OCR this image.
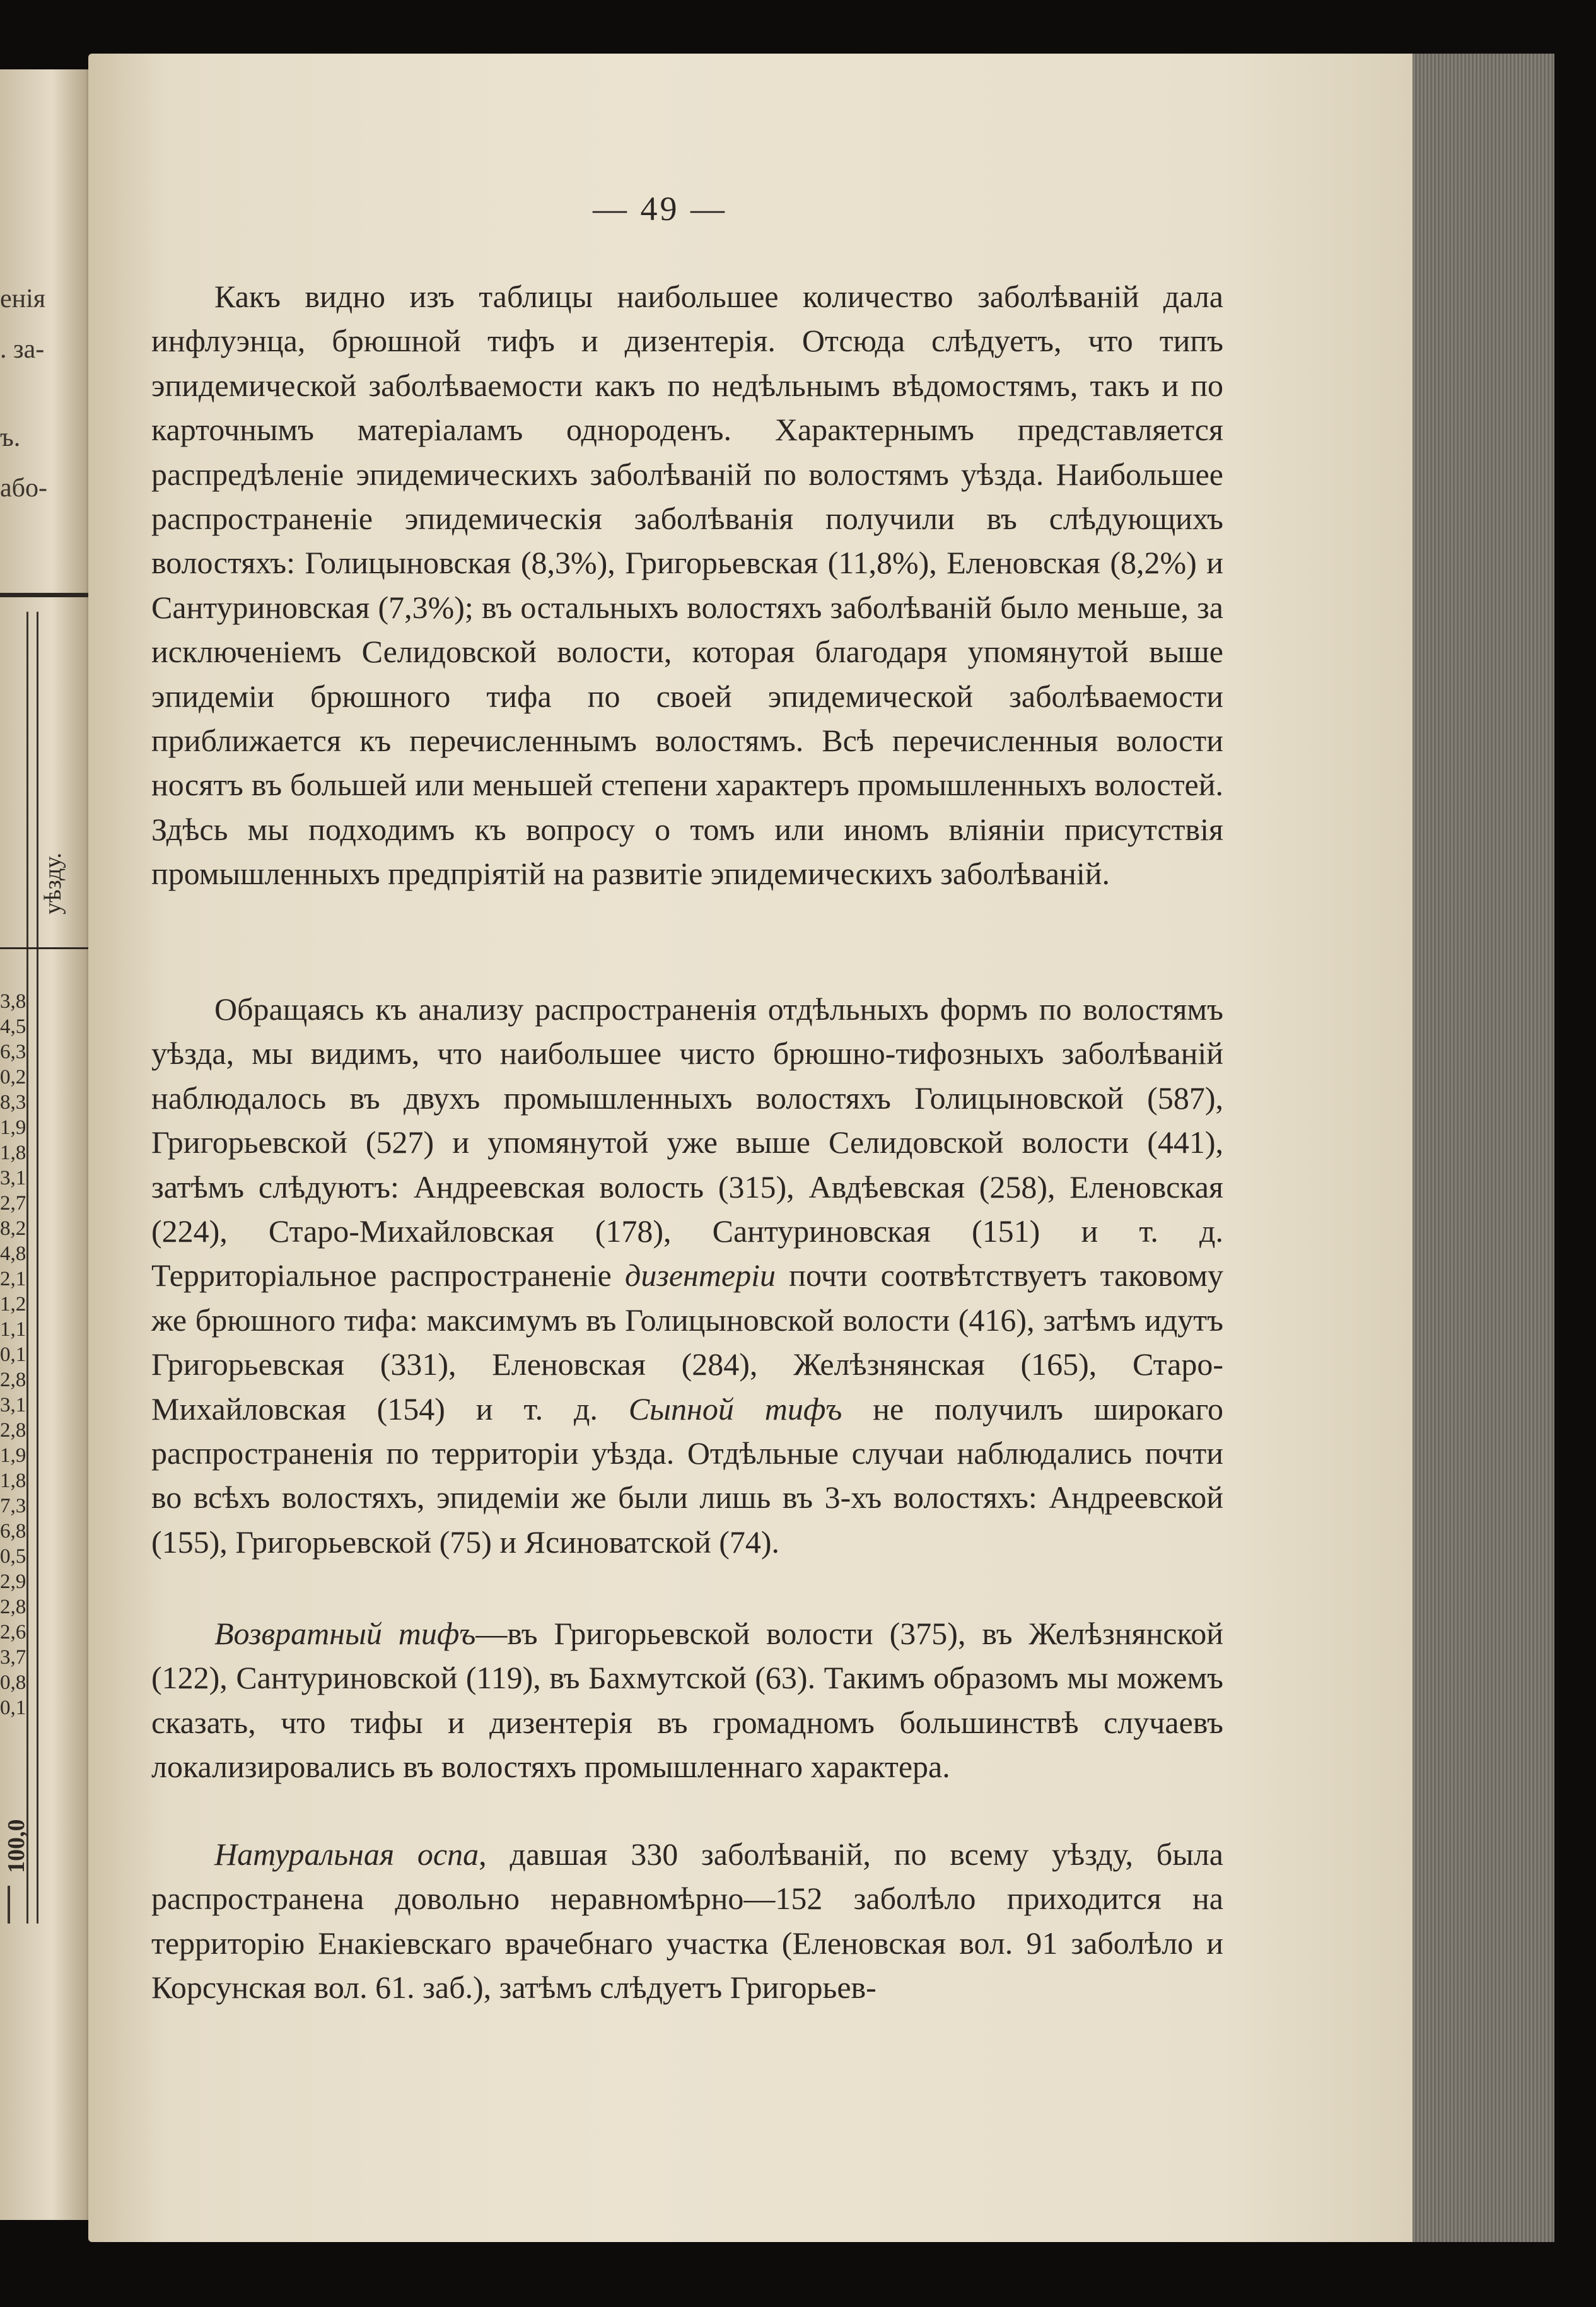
енія
. за-
ъ.
або-
уѣзду.
3,8
4,5
6,3
0,2
8,3
1,9
1,8
3,1
2,7
8,2
4,8
2,1
1,2
1,1
0,1
2,8
3,1
2,8
1,9
1,8
7,3
6,8
0,5
2,9
2,8
2,6
3,7
0,8
0,1
100,0
— 49 —
Какъ видно изъ таблицы наибольшее количество заболѣваній дала инфлуэнца, брюшной тифъ и дизентерія. Отсюда слѣдуетъ, что типъ эпидемической заболѣваемости какъ по недѣльнымъ вѣдомостямъ, такъ и по карточнымъ матеріаламъ однороденъ. Характернымъ представляется распредѣленіе эпидемическихъ заболѣваній по волостямъ уѣзда. Наибольшее распространеніе эпидемическія заболѣванія получили въ слѣдующихъ волостяхъ: Голицыновская (8,3%), Григорьевская (11,8%), Еленовская (8,2%) и Сантуриновская (7,3%); въ остальныхъ волостяхъ заболѣваній было меньше, за исключеніемъ Селидовской волости, которая благодаря упомянутой выше эпидеміи брюшного тифа по своей эпидемической заболѣваемости приближается къ перечисленнымъ волостямъ. Всѣ перечисленныя волости носятъ въ большей или меньшей степени характеръ промышленныхъ волостей. Здѣсь мы подходимъ къ вопросу о томъ или иномъ вліяніи присутствія промышленныхъ предпріятій на развитіе эпидемическихъ заболѣваній.
Обращаясь къ анализу распространенія отдѣльныхъ формъ по волостямъ уѣзда, мы видимъ, что наибольшее чисто брюшно-тифозныхъ заболѣваній наблюдалось въ двухъ промышленныхъ волостяхъ Голицыновской (587), Григорьевской (527) и упомянутой уже выше Селидовской волости (441), затѣмъ слѣдуютъ: Андреевская волость (315), Авдѣевская (258), Еленовская (224), Старо-Михайловская (178), Сантуриновская (151) и т. д. Территоріальное распространеніе дизентеріи почти соотвѣтствуетъ таковому же брюшного тифа: максимумъ въ Голицыновской волости (416), затѣмъ идутъ Григорьевская (331), Еленовская (284), Желѣзнянская (165), Старо-Михайловская (154) и т. д. Сыпной тифъ не получилъ широкаго распространенія по территоріи уѣзда. Отдѣльные случаи наблюдались почти во всѣхъ волостяхъ, эпидеміи же были лишь въ 3-хъ волостяхъ: Андреевской (155), Григорьевской (75) и Ясиноватской (74).
Возвратный тифъ—въ Григорьевской волости (375), въ Желѣзнянской (122), Сантуриновской (119), въ Бахмутской (63). Такимъ образомъ мы можемъ сказать, что тифы и дизентерія въ громадномъ большинствѣ случаевъ локализировались въ волостяхъ промышленнаго характера.
Натуральная оспа, давшая 330 заболѣваній, по всему уѣзду, была распространена довольно неравномѣрно—152 заболѣло приходится на территорію Енакіевскаго врачебнаго участка (Еленовская вол. 91 заболѣло и Корсунская вол. 61. заб.), затѣмъ слѣдуетъ Григорьев-
